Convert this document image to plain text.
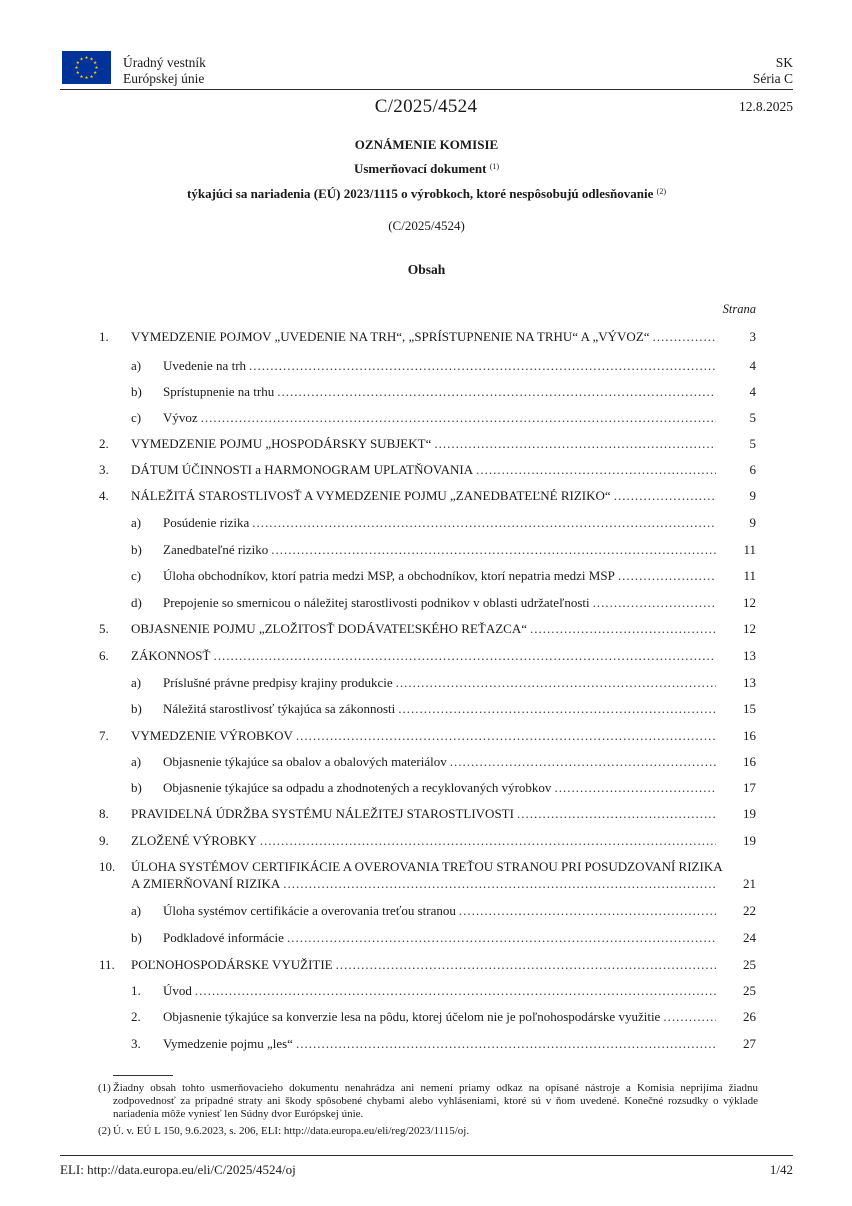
★ ★
★
★
★
★
★
★
★
★
★
★	Úradný vestník
Európskej únie
SK
Séria C
C/2025/4524	12.8.2025
OZNÁMENIE KOMISIE
Usmerňovací dokument $^{(1)}$
týkajúci sa nariadenia (EÚ) 2023/1115 o výrobkoch, ktoré nespôsobujú odlesňovanie $^{(2)}$
(C/2025/4524)
Obsah
Strana
1. VYMEDZENIE POJMOV „UVEDENIE NA TRH“, „SPRÍSTUPNENIE NA TRHU“ A „VÝVOZ“ .....	3
a) Uvedenie na trh .....	4
b) Sprístupnenie na trhu .....	4
c) Vývoz .....	5
2. VYMEDZENIE POJMU „HOSPODÁRSKY SUBJEKT“ .....	5
3. DÁTUM ÚČINNOSTI a HARMONOGRAM UPLATŇOVANIA .....	6
4. NÁLEŽITÁ STAROSTLIVOSŤ A VYMEDZENIE POJMU „ZANEDBATEĽNÉ RIZIKO“ .....	9
a) Posúdenie rizika .....	9
b) Zanedbateľné riziko .....	11
c) Úloha obchodníkov, ktorí patria medzi MSP, a obchodníkov, ktorí nepatria medzi MSP .....	11
d) Prepojenie so smernicou o náležitej starostlivosti podnikov v oblasti udržateľnosti .....	12
5. OBJASNENIE POJMU „ZLOŽITOSŤ DODÁVATEĽSKÉHO REŤAZCA“ .....	12
6. ZÁKONNOSŤ .....	13
a) Príslušné právne predpisy krajiny produkcie .....	13
b) Náležitá starostlivosť týkajúca sa zákonnosti .....	15
7. VYMEDZENIE VÝROBKOV .....	16
a) Objasnenie týkajúce sa obalov a obalových materiálov .....	16
b) Objasnenie týkajúce sa odpadu a zhodnotených a recyklovaných výrobkov .....	17
8. PRAVIDELNÁ ÚDRŽBA SYSTÉMU NÁLEŽITEJ STAROSTLIVOSTI .....	19
9. ZLOŽENÉ VÝROBKY .....	19
10. ÚLOHA SYSTÉMOV CERTIFIKÁCIE A OVEROVANIA TREŤOU STRANOU PRI POSUDZOVANÍ RIZIKA
A ZMIERŇOVANÍ RIZIKA .....	21
a) Úloha systémov certifikácie a overovania treťou stranou .....	22
b) Podkladové informácie .....	24
11. POĽNOHOSPODÁRSKE VYUŽITIE .....	25
1. Úvod .....	25
2. Objasnenie týkajúce sa konverzie lesa na pôdu, ktorej účelom nie je poľnohospodárske využitie .....	26
3. Vymedzenie pojmu „les“ .....	27
(1) Žiadny obsah tohto usmerňovacieho dokumentu nenahrádza ani nemení priamy odkaz na opísané nástroje a Komisia neprijíma žiadnu zodpovednosť za prípadné straty ani škody spôsobené chybami alebo vyhláseniami, ktoré sú v ňom uvedené. Konečné rozsudky o výklade nariadenia môže vyniesť len Súdny dvor Európskej únie.
(2) Ú. v. EÚ L 150, 9.6.2023, s. 206, ELI: http://data.europa.eu/eli/reg/2023/1115/oj.
ELI: http://data.europa.eu/eli/C/2025/4524/oj	1/42
